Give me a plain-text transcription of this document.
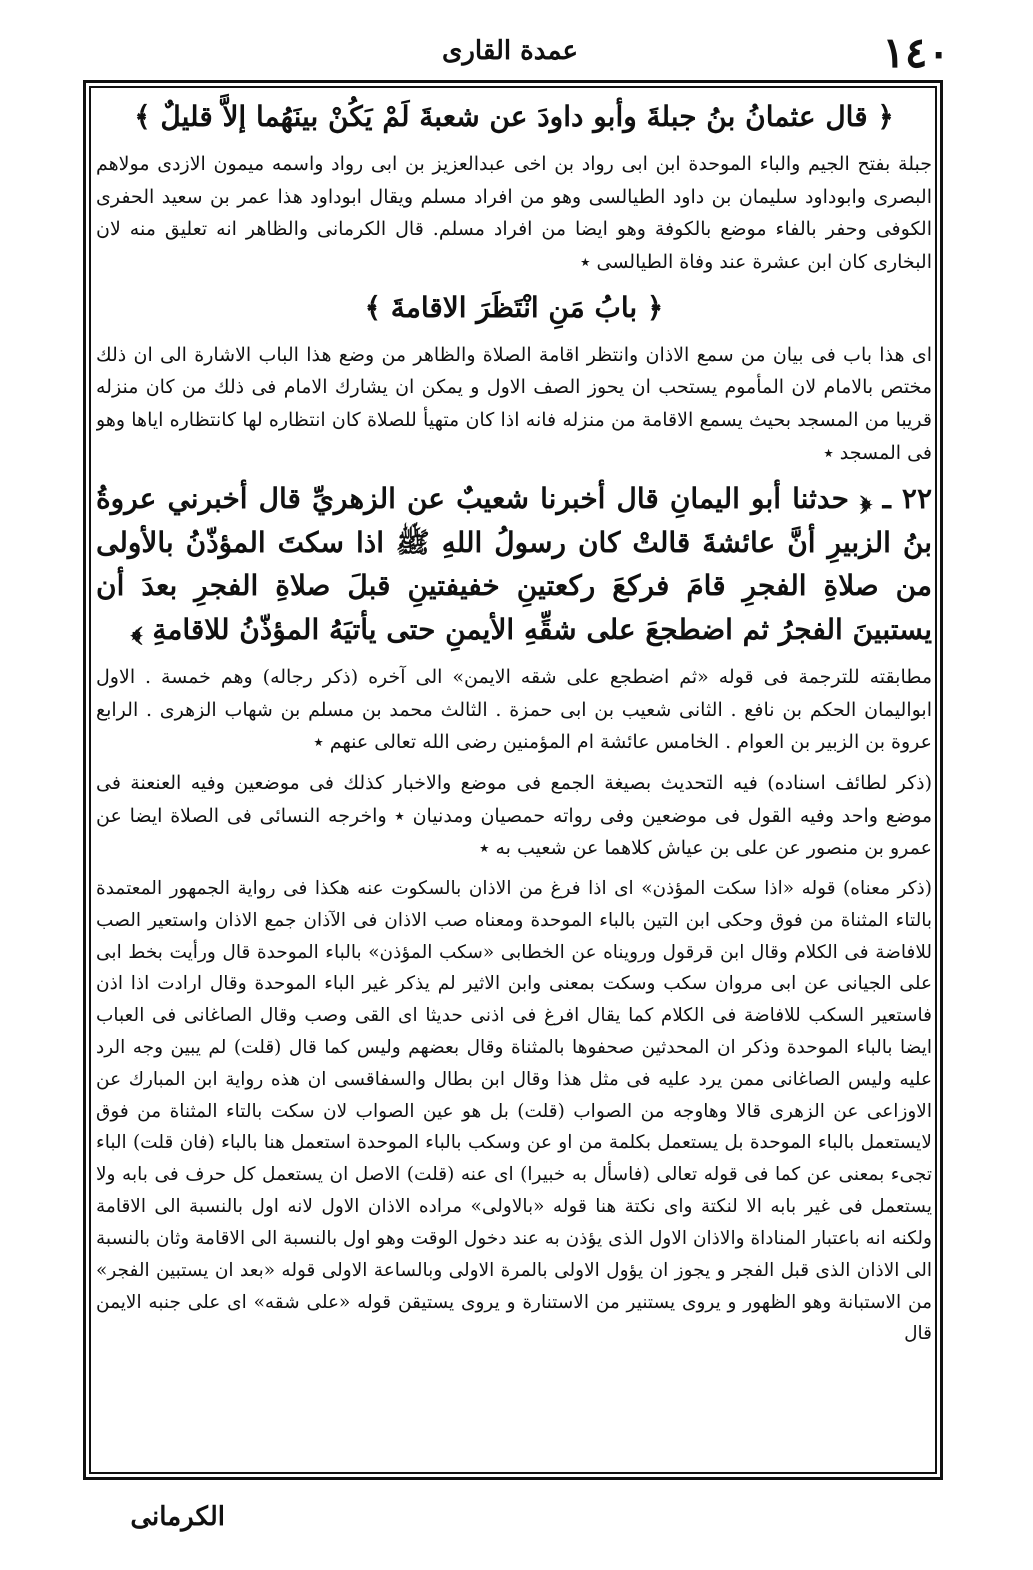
١٤٠
عمدة القاری
﴿ قال عثمانُ بنُ جبلةَ وأبو داودَ عن شعبةَ لَمْ يَكُنْ بينَهُما إلاَّ قليلٌ ﴾
جبلة بفتح الجيم والباء الموحدة ابن ابی رواد بن اخی عبدالعزيز بن ابی رواد واسمه ميمون الازدی مولاهم البصری وابوداود سليمان بن داود الطيالسی وهو من افراد مسلم ويقال ابوداود هذا عمر بن سعيد الحفری الكوفی وحفر بالفاء موضع بالكوفة وهو ايضا من افراد مسلم. قال الكرمانی والظاهر انه تعليق منه لان البخاری كان ابن عشرة عند وفاة الطيالسی ٭
﴿ بابُ مَنِ انْتَظَرَ الاقامةَ ﴾
ای هذا باب فی بيان من سمع الاذان وانتظر اقامة الصلاة والظاهر من وضع هذا الباب الاشارة الی ان ذلك مختص بالامام لان المأموم يستحب ان يحوز الصف الاول و يمكن ان يشارك الامام فی ذلك من كان منزله قريبا من المسجد بحيث يسمع الاقامة من منزله فانه اذا كان متهيأ للصلاة كان انتظاره لها كانتظاره اياها وهو فی المسجد ٭
٢٢ ـ ﴿ حدثنا أبو اليمانِ قال أخبرنا شعيبٌ عن الزهريِّ قال أخبرني عروةُ بنُ الزبيرِ أنَّ عائشةَ قالتْ كان رسولُ اللهِ ﷺ اذا سكتَ المؤذّنُ بالأولى من صلاةِ الفجرِ قامَ فركعَ ركعتينِ خفيفتينِ قبلَ صلاةِ الفجرِ بعدَ أن يستبينَ الفجرُ ثم اضطجعَ على شقِّهِ الأيمنِ حتى يأتيَهُ المؤذّنُ للاقامةِ ﴾
مطابقته للترجمة فی قوله «ثم اضطجع علی شقه الايمن» الی آخره (ذكر رجاله) وهم خمسة . الاول ابواليمان الحكم بن نافع . الثانی شعيب بن ابی حمزة . الثالث محمد بن مسلم بن شهاب الزهری . الرابع عروة بن الزبير بن العوام . الخامس عائشة ام المؤمنين رضی الله تعالی عنهم ٭
(ذكر لطائف اسناده) فيه التحديث بصيغة الجمع فی موضع والاخبار كذلك فی موضعين وفيه العنعنة فی موضع واحد وفيه القول فی موضعين وفی رواته حمصيان ومدنيان ٭ واخرجه النسائی فی الصلاة ايضا عن عمرو بن منصور عن علی بن عياش كلاهما عن شعيب به ٭
(ذكر معناه) قوله «اذا سكت المؤذن» ای اذا فرغ من الاذان بالسكوت عنه هكذا فی رواية الجمهور المعتمدة بالتاء المثناة من فوق وحكی ابن التين بالباء الموحدة ومعناه صب الاذان فی الآذان جمع الاذان واستعير الصب للافاضة فی الكلام وقال ابن قرقول ورويناه عن الخطابی «سكب المؤذن» بالباء الموحدة قال ورأيت بخط ابی علی الجيانی عن ابی مروان سكب وسكت بمعنی وابن الاثير لم يذكر غير الباء الموحدة وقال ارادت اذا اذن فاستعير السكب للافاضة فی الكلام كما يقال افرغ فی اذنی حديثا ای القی وصب وقال الصاغانی فی العباب ايضا بالباء الموحدة وذكر ان المحدثين صحفوها بالمثناة وقال بعضهم وليس كما قال (قلت) لم يبين وجه الرد عليه وليس الصاغانی ممن يرد عليه فی مثل هذا وقال ابن بطال والسفاقسی ان هذه رواية ابن المبارك عن الاوزاعی عن الزهری قالا وهاوجه من الصواب (قلت) بل هو عين الصواب لان سكت بالتاء المثناة من فوق لايستعمل بالباء الموحدة بل يستعمل بكلمة من او عن وسكب بالباء الموحدة استعمل هنا بالباء (فان قلت) الباء تجیء بمعنی عن كما فی قوله تعالی (فاسأل به خبيرا) ای عنه (قلت) الاصل ان يستعمل كل حرف فی بابه ولا يستعمل فی غير بابه الا لنكتة وای نكتة هنا قوله «بالاولی» مراده الاذان الاول لانه اول بالنسبة الی الاقامة ولكنه انه باعتبار المناداة والاذان الاول الذی يؤذن به عند دخول الوقت وهو اول بالنسبة الی الاقامة وثان بالنسبة الی الاذان الذی قبل الفجر و يجوز ان يؤول الاولی بالمرة الاولی وبالساعة الاولی قوله «بعد ان يستبين الفجر» من الاستبانة وهو الظهور و يروی يستنير من الاستنارة و يروی يستيقن قوله «علی شقه» ای علی جنبه الايمن قال
الكرمانی
